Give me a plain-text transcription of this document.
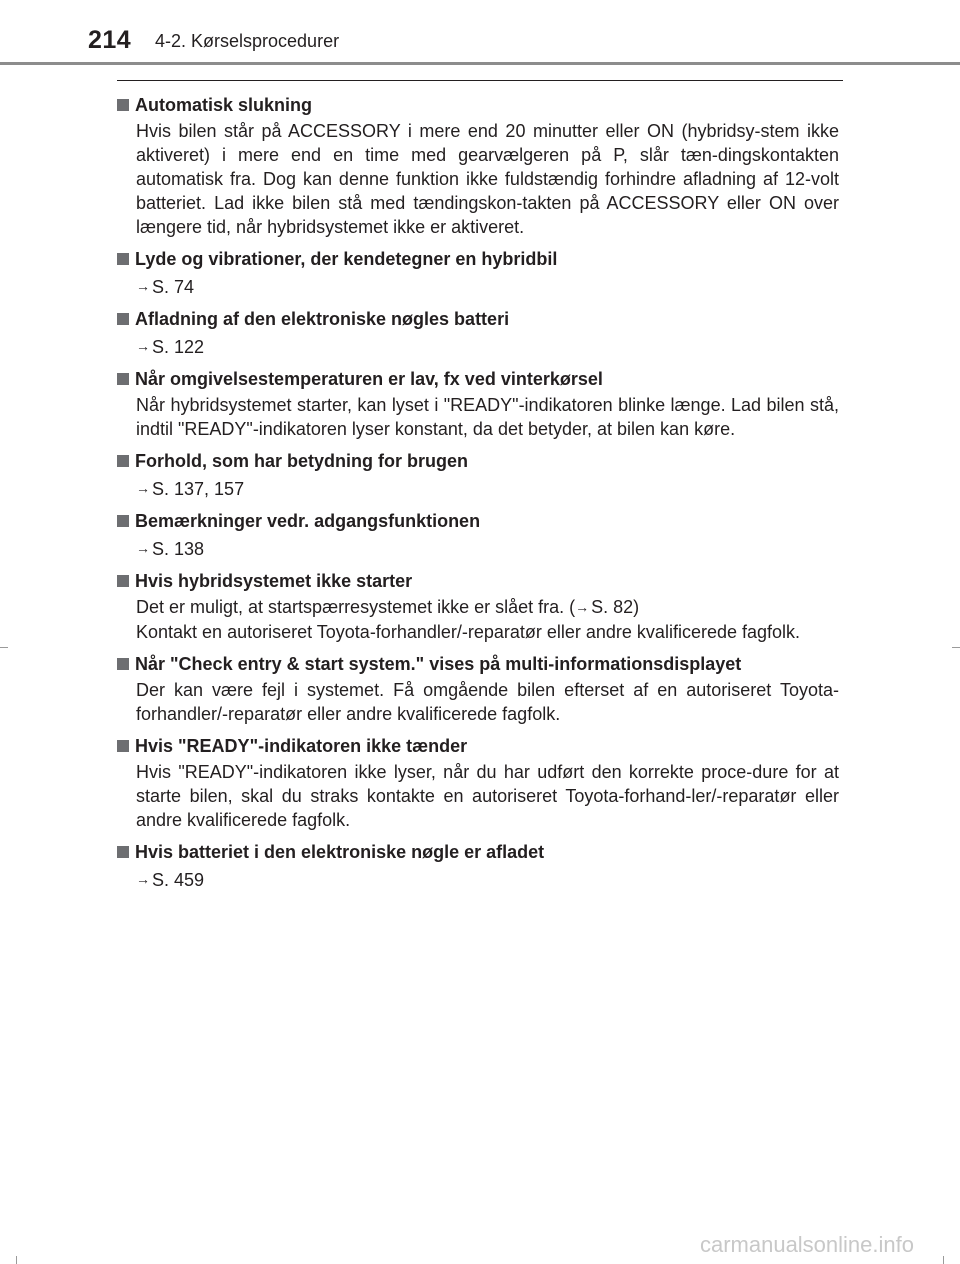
214 4-2. Kørselsprocedurer
Automatisk slukning

Hvis bilen står på ACCESSORY i mere end 20 minutter eller ON (hybridsy-stem ikke aktiveret) i mere end en time med gearvælgeren på P, slår tæn-dingskontakten automatisk fra. Dog kan denne funktion ikke fuldstændig forhindre afladning af 12-volt batteriet. Lad ikke bilen stå med tændingskon-takten på ACCESSORY eller ON over længere tid, når hybridsystemet ikke er aktiveret.

Lyde og vibrationer, der kendetegner en hybridbil
→ S. 74
Afladning af den elektroniske nøgles batteri
→ S. 122
Når omgivelsestemperaturen er lav, fx ved vinterkørsel

Når hybridsystemet starter, kan lyset i "READY"-indikatoren blinke længe. Lad bilen stå, indtil "READY"-indikatoren lyser konstant, da det betyder, at bilen kan køre.

Forhold, som har betydning for brugen
→ S. 137, 157
Bemærkninger vedr. adgangsfunktionen
→ S. 138
Hvis hybridsystemet ikke starter

Det er muligt, at startspærresystemet ikke er slået fra. (→ S. 82)

Kontakt en autoriseret Toyota-forhandler/-reparatør eller andre kvalificerede fagfolk.

Når "Check entry & start system." vises på multi-informationsdisplayet

Der kan være fejl i systemet. Få omgående bilen efterset af en autoriseret Toyota-forhandler/-reparatør eller andre kvalificerede fagfolk.

Hvis "READY"-indikatoren ikke tænder

Hvis "READY"-indikatoren ikke lyser, når du har udført den korrekte proce-dure for at starte bilen, skal du straks kontakte en autoriseret Toyota-forhand-ler/-reparatør eller andre kvalificerede fagfolk.

Hvis batteriet i den elektroniske nøgle er afladet
→ S. 459
carmanualsonline.info
